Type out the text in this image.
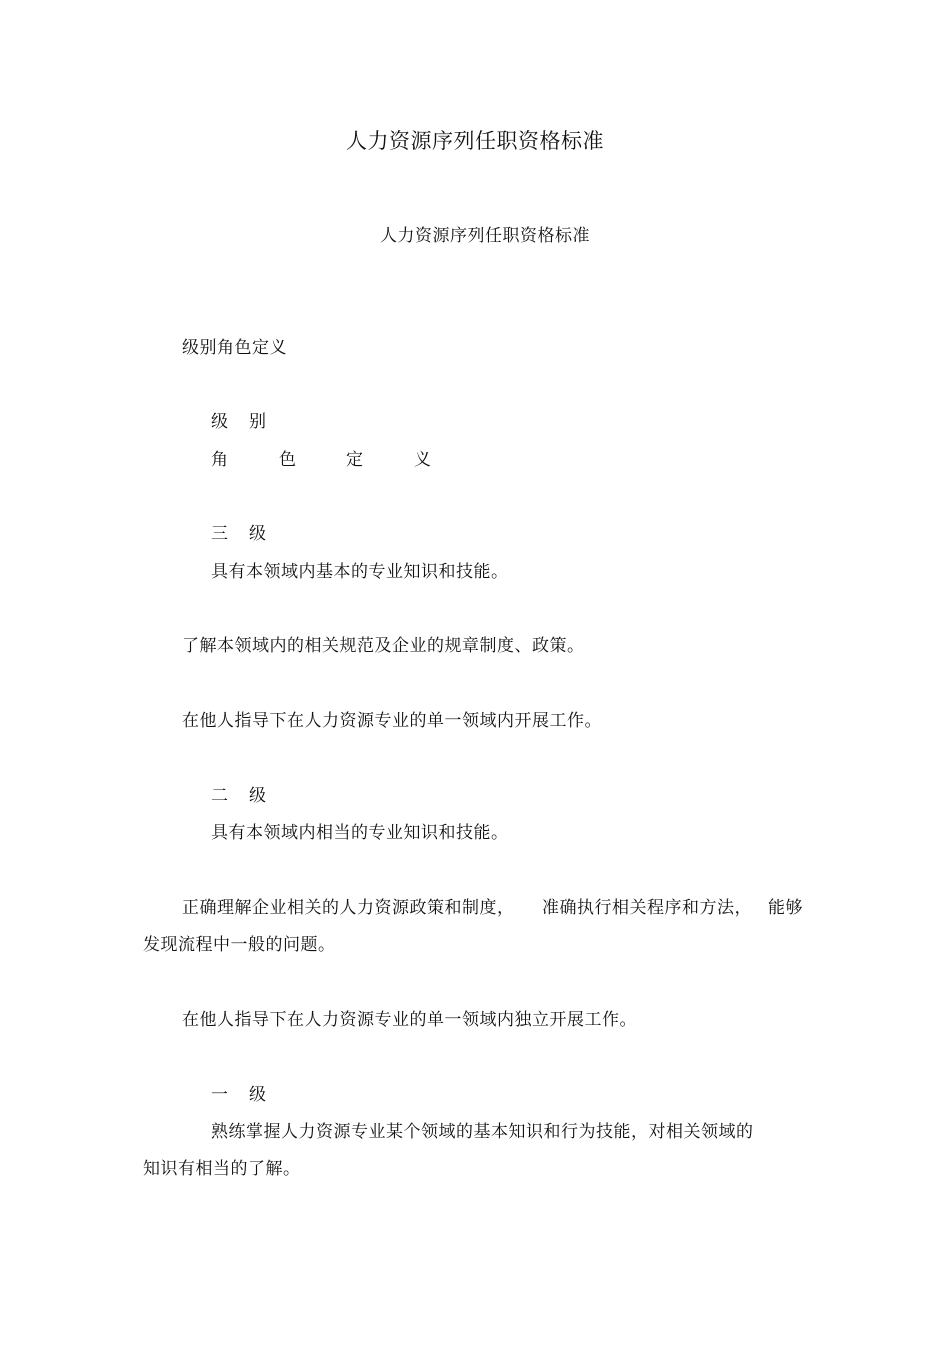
人力资源序列任职资格标准
人力资源序列任职资格标准
级别角色定义
级 别
角	色	定	义
三 级
具有本领域内基本的专业知识和技能。
了解本领域内的相关规范及企业的规章制度、政策。
在他人指导下在人力资源专业的单一领域内开展工作。
二 级
具有本领域内相当的专业知识和技能。
正确理解企业相关的人力资源政策和制度， 准确执行相关程序和方法， 能够
发现流程中一般的问题。
在他人指导下在人力资源专业的单一领域内独立开展工作。
一 级
熟练掌握人力资源专业某个领域的基本知识和行为技能，对相关领域的
知识有相当的了解。
